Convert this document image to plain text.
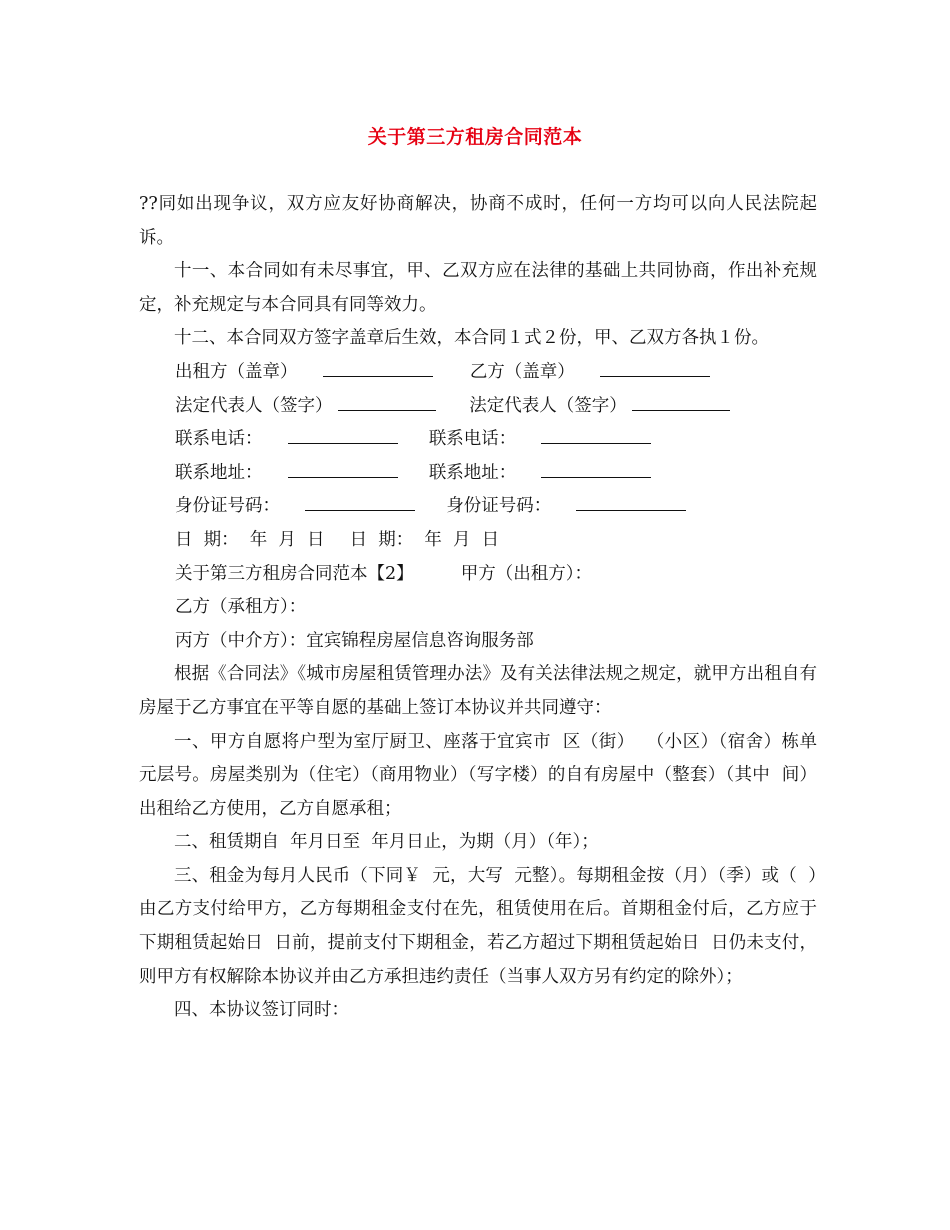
关于第三方租房合同范本

??同如出现争议，双方应友好协商解决，协商不成时，任何一方均可以向人民法院起诉。

十一、本合同如有未尽事宜，甲、乙双方应在法律的基础上共同协商，作出补充规定，补充规定与本合同具有同等效力。

十二、本合同双方签字盖章后生效，本合同１式２份，甲、乙双方各执１份。

出租方（盖章）	乙方（盖章）
法定代表人（签字）	法定代表人（签字）
联系电话：	联系电话：
联系地址：	联系地址：
身份证号码：	身份证号码：
日  期：  年  月  日 日  期：  年  月  日
关于第三方租房合同范本【2】	甲方（出租方）：
乙方（承租方）：
丙方（中介方）：宜宾锦程房屋信息咨询服务部

根据《合同法》《城市房屋租赁管理办法》及有关法律法规之规定，就甲方出租自有房屋于乙方事宜在平等自愿的基础上签订本协议并共同遵守：

一、甲方自愿将户型为室厅厨卫、座落于宜宾市  区（街）  （小区）（宿舍）栋单元层号。房屋类别为（住宅）（商用物业）（写字楼）的自有房屋中（整套）（其中  间）出租给乙方使用，乙方自愿承租；

二、租赁期自  年月日至  年月日止，为期（月）（年）；

三、租金为每月人民币（下同￥  元，大写  元整）。每期租金按（月）（季）或（  ）由乙方支付给甲方，乙方每期租金支付在先，租赁使用在后。首期租金付后，乙方应于下期租赁起始日  日前，提前支付下期租金，若乙方超过下期租赁起始日  日仍未支付，则甲方有权解除本协议并由乙方承担违约责任（当事人双方另有约定的除外）；

四、本协议签订同时：
